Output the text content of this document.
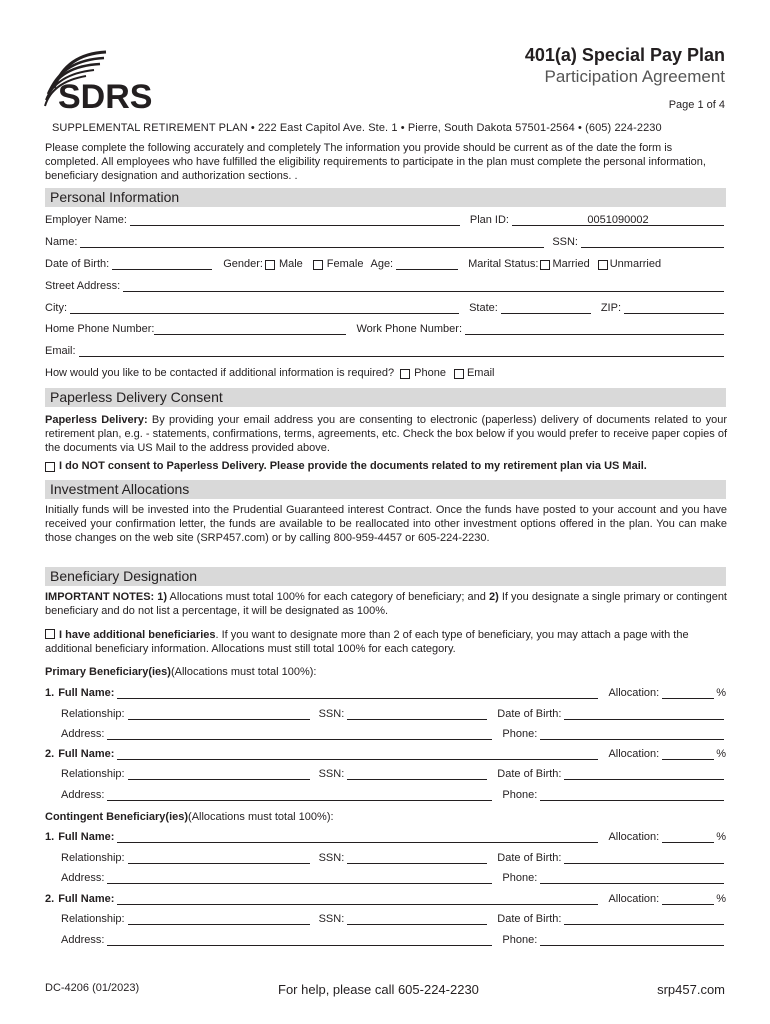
SDRS
401(a) Special Pay Plan
Participation Agreement
Page 1 of 4
SUPPLEMENTAL RETIREMENT PLAN • 222 East Capitol Ave. Ste. 1 • Pierre, South Dakota 57501-2564 • (605) 224-2230
Please complete the following accurately and completely The information you provide should be current as of the date the form is completed. All employees who have fulfilled the eligibility requirements to participate in the plan must complete the personal information, beneficiary designation and authorization sections. .
Personal Information
Employer Name:	Plan ID:	0051090002
Name:	SSN:
Date of Birth:	Gender: Male Female Age:	Marital Status: Married Unmarried
Street Address:
City:	State:	ZIP:
Home Phone Number:	Work Phone Number:
Email:
How would you like to be contacted if additional information is required? Phone Email
Paperless Delivery Consent
Paperless Delivery: By providing your email address you are consenting to electronic (paperless) delivery of documents related to your retirement plan, e.g. - statements, confirmations, terms, agreements, etc. Check the box below if you would prefer to receive paper copies of the documents via US Mail to the address provided above.
I do NOT consent to Paperless Delivery. Please provide the documents related to my retirement plan via US Mail.
Investment Allocations
Initially funds will be invested into the Prudential Guaranteed interest Contract. Once the funds have posted to your account and you have received your confirmation letter, the funds are available to be reallocated into other investment options offered in the plan. You can make those changes on the web site (SRP457.com) or by calling 800-959-4457 or 605-224-2230.
Beneficiary Designation
IMPORTANT NOTES: 1) Allocations must total 100% for each category of beneficiary; and 2) If you designate a single primary or contingent beneficiary and do not list a percentage, it will be designated as 100%.
I have additional beneficiaries. If you want to designate more than 2 of each type of beneficiary, you may attach a page with the additional beneficiary information. Allocations must still total 100% for each category.
Primary Beneficiary(ies) (Allocations must total 100%):
1. Full Name:	Allocation:	%
Relationship:	SSN:	Date of Birth:
Address:	Phone:
2. Full Name:	Allocation:	%
Relationship:	SSN:	Date of Birth:
Address:	Phone:
Contingent Beneficiary(ies) (Allocations must total 100%):
1. Full Name:	Allocation:	%
Relationship:	SSN:	Date of Birth:
Address:	Phone:
2. Full Name:	Allocation:	%
Relationship:	SSN:	Date of Birth:
Address:	Phone:
DC-4206 (01/2023)	For help, please call 605-224-2230	srp457.com
